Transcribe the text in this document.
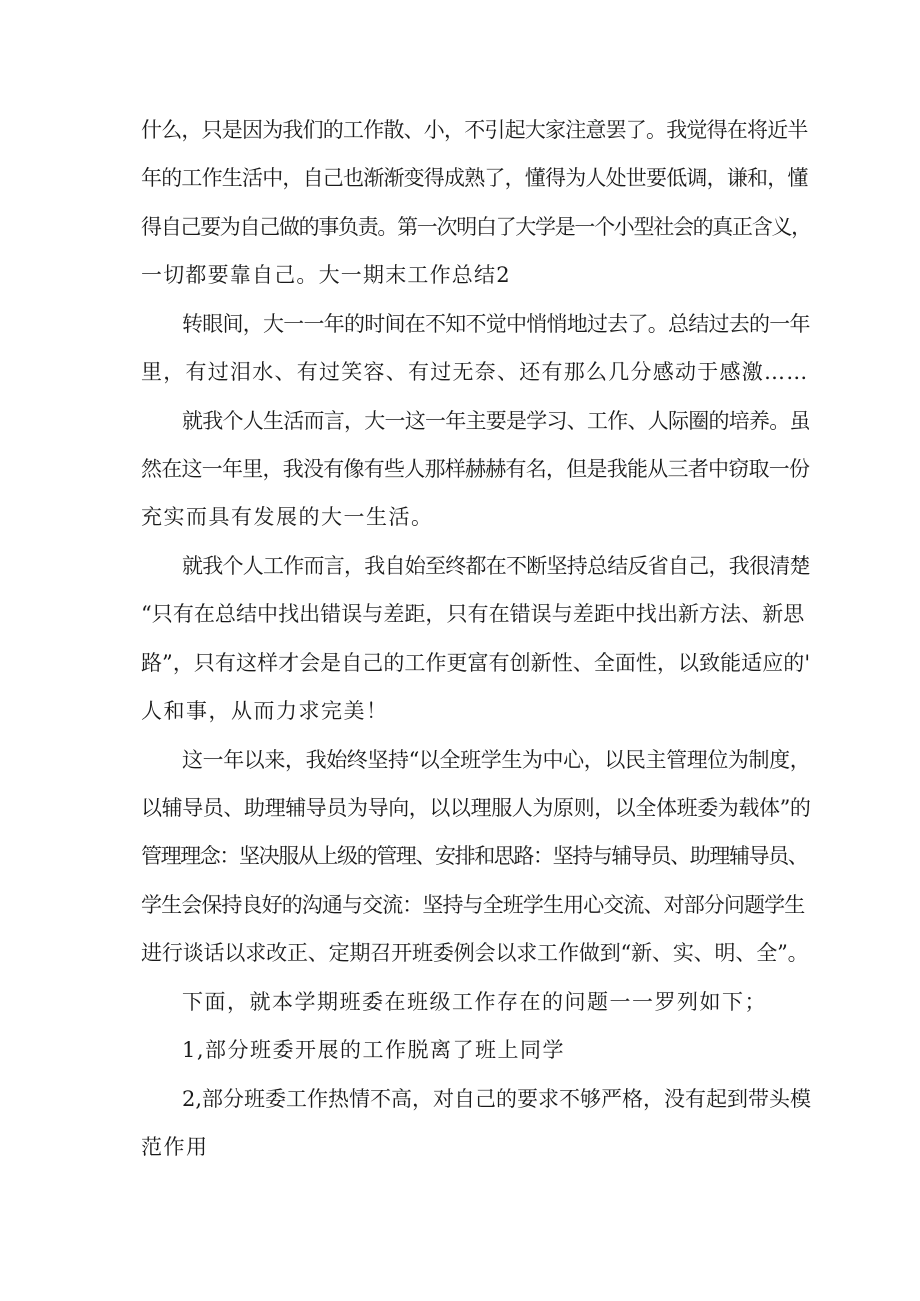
什么，只是因为我们的工作散、小，不引起大家注意罢了。我觉得在将近半
年的工作生活中，自己也渐渐变得成熟了，懂得为人处世要低调，谦和，懂
得自己要为自己做的事负责。第一次明白了大学是一个小型社会的真正含义，
一切都要靠自己。大一期末工作总结2
转眼间，大一一年的时间在不知不觉中悄悄地过去了。总结过去的一年
里，有过泪水、有过笑容、有过无奈、还有那么几分感动于感激……
就我个人生活而言，大一这一年主要是学习、工作、人际圈的培养。虽
然在这一年里，我没有像有些人那样赫赫有名，但是我能从三者中窃取一份
充实而具有发展的大一生活。
就我个人工作而言，我自始至终都在不断坚持总结反省自己，我很清楚
“只有在总结中找出错误与差距，只有在错误与差距中找出新方法、新思
路”，只有这样才会是自己的工作更富有创新性、全面性，以致能适应的'
人和事，从而力求完美！
这一年以来，我始终坚持“以全班学生为中心，以民主管理位为制度，
以辅导员、助理辅导员为导向，以以理服人为原则，以全体班委为载体”的
管理理念：坚决服从上级的管理、安排和思路：坚持与辅导员、助理辅导员、
学生会保持良好的沟通与交流：坚持与全班学生用心交流、对部分问题学生
进行谈话以求改正、定期召开班委例会以求工作做到“新、实、明、全”。
下面，就本学期班委在班级工作存在的问题一一罗列如下；
1,部分班委开展的工作脱离了班上同学
2,部分班委工作热情不高，对自己的要求不够严格，没有起到带头模
范作用
